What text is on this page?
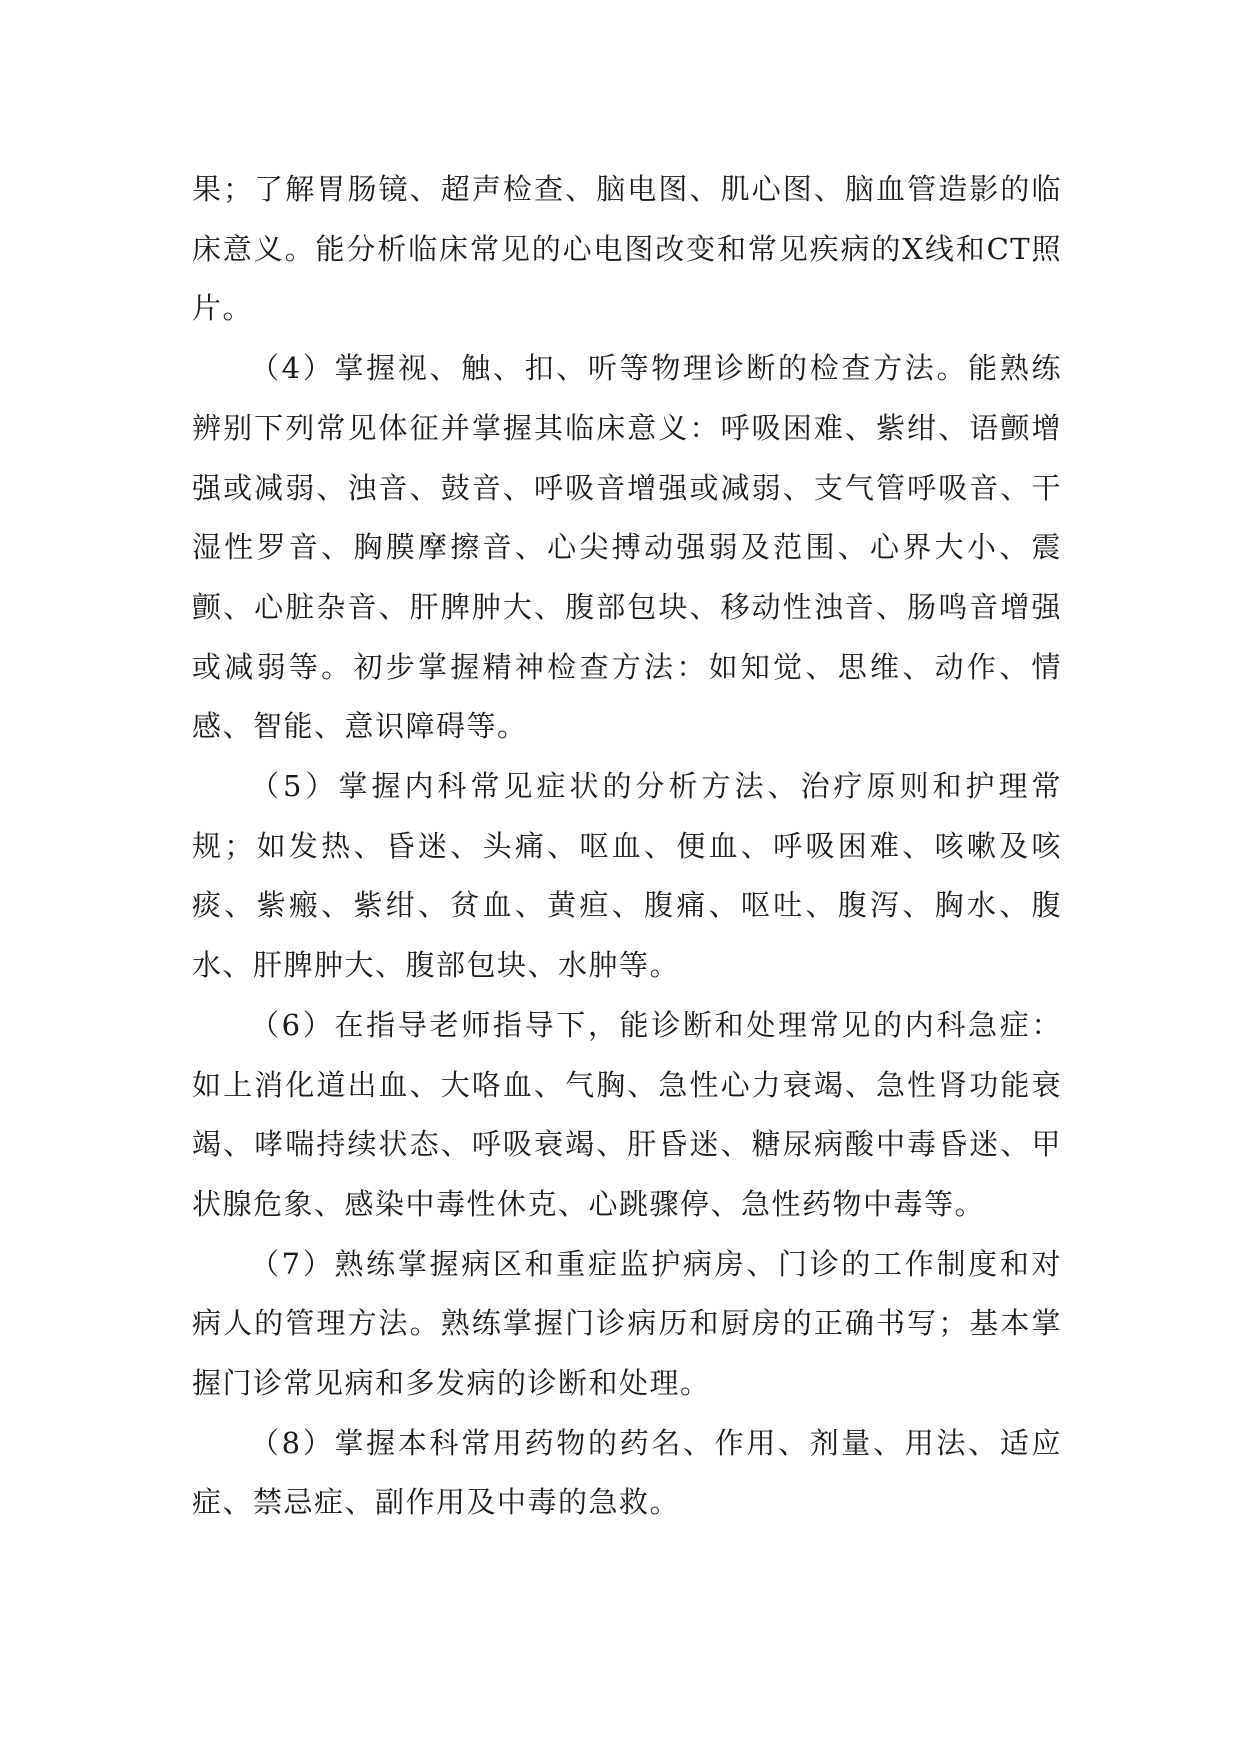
果；了解胃肠镜、超声检查、脑电图、肌心图、脑血管造影的临床意义。能分析临床常见的心电图改变和常见疾病的X线和CT照片。

（4）掌握视、触、扣、听等物理诊断的检查方法。能熟练辨别下列常见体征并掌握其临床意义：呼吸困难、紫绀、语颤增强或减弱、浊音、鼓音、呼吸音增强或减弱、支气管呼吸音、干湿性罗音、胸膜摩擦音、心尖搏动强弱及范围、心界大小、震颤、心脏杂音、肝脾肿大、腹部包块、移动性浊音、肠鸣音增强或减弱等。初步掌握精神检查方法：如知觉、思维、动作、情感、智能、意识障碍等。

（5）掌握内科常见症状的分析方法、治疗原则和护理常规；如发热、昏迷、头痛、呕血、便血、呼吸困难、咳嗽及咳痰、紫瘢、紫绀、贫血、黄疸、腹痛、呕吐、腹泻、胸水、腹水、肝脾肿大、腹部包块、水肿等。

（6）在指导老师指导下，能诊断和处理常见的内科急症：如上消化道出血、大咯血、气胸、急性心力衰竭、急性肾功能衰竭、哮喘持续状态、呼吸衰竭、肝昏迷、糖尿病酸中毒昏迷、甲状腺危象、感染中毒性休克、心跳骤停、急性药物中毒等。

（7）熟练掌握病区和重症监护病房、门诊的工作制度和对病人的管理方法。熟练掌握门诊病历和厨房的正确书写；基本掌握门诊常见病和多发病的诊断和处理。

（8）掌握本科常用药物的药名、作用、剂量、用法、适应症、禁忌症、副作用及中毒的急救。
